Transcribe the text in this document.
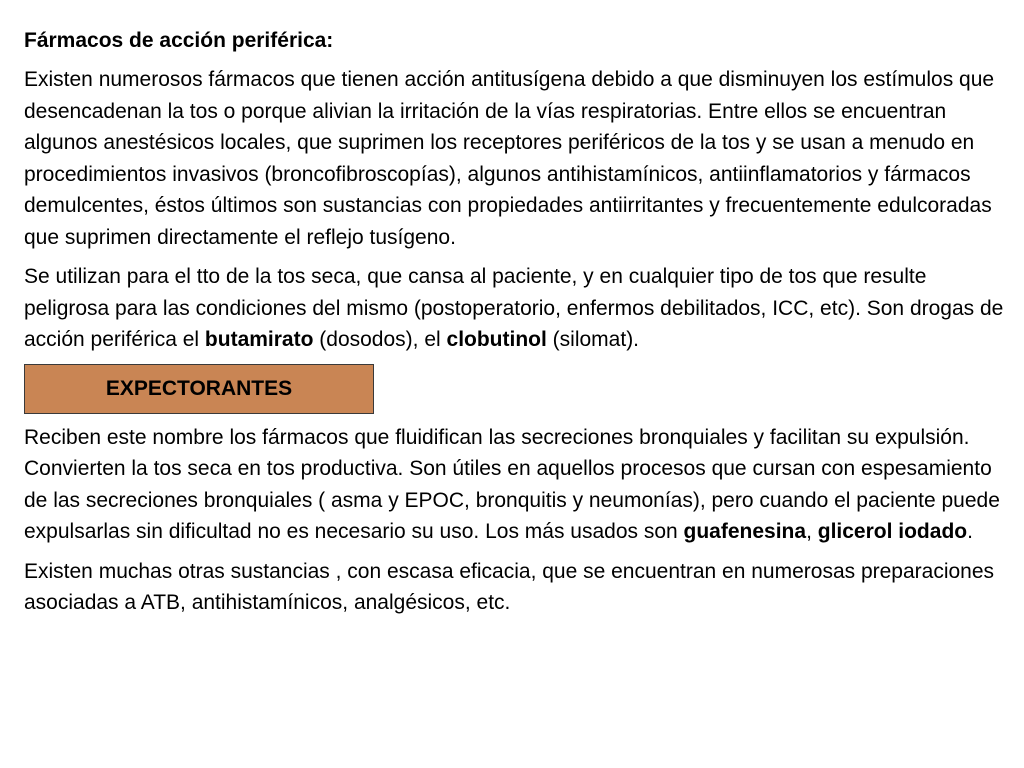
Fármacos de acción periférica:

Existen numerosos fármacos que tienen acción antitusígena debido a que disminuyen los estímulos que desencadenan la tos o porque alivian la irritación de la vías respiratorias. Entre ellos se encuentran algunos anestésicos locales, que suprimen los receptores periféricos de la tos y se usan a menudo en procedimientos invasivos (broncofibroscopías), algunos antihistamínicos, antiinflamatorios y fármacos demulcentes, éstos últimos son sustancias con propiedades antiirritantes y frecuentemente edulcoradas que suprimen directamente el reflejo tusígeno.

Se utilizan para el tto de la tos seca, que cansa al paciente, y en cualquier tipo de tos que resulte peligrosa para las condiciones del mismo (postoperatorio, enfermos debilitados, ICC, etc). Son drogas de acción periférica el butamirato (dosodos), el clobutinol (silomat).

EXPECTORANTES

Reciben este nombre los fármacos que fluidifican las secreciones bronquiales y facilitan su expulsión. Convierten la tos seca en tos productiva. Son útiles en aquellos procesos que cursan con espesamiento de las secreciones bronquiales ( asma y EPOC, bronquitis y neumonías), pero cuando el paciente puede expulsarlas sin dificultad no es necesario su uso. Los más usados son guafenesina, glicerol iodado.

Existen muchas otras sustancias , con escasa eficacia, que se encuentran en numerosas preparaciones asociadas a ATB, antihistamínicos, analgésicos, etc.
